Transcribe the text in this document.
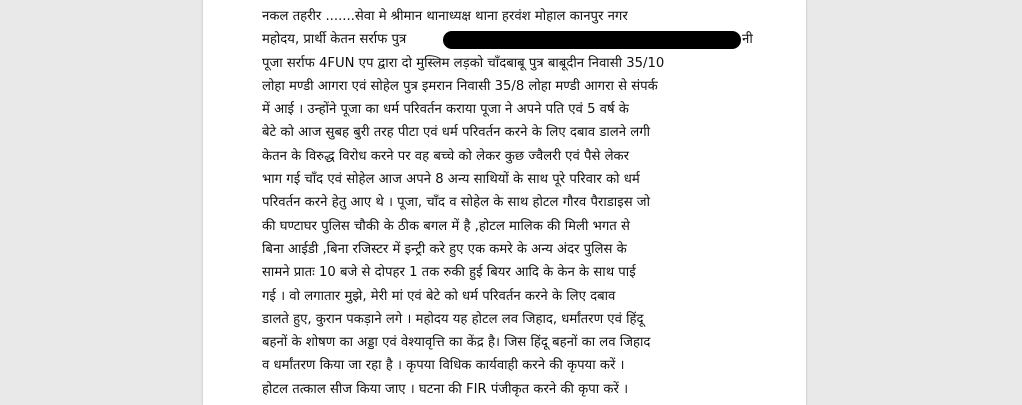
नकल तहरीर .......सेवा मे श्रीमान थानाध्यक्ष थाना हरवंश मोहाल कानपुर नगर
महोदय, प्रार्थी केतन सर्राफ पुत्र	नी
पूजा सर्राफ 4FUN एप द्वारा दो मुस्लिम लड़को चाँदबाबू पुत्र बाबूदीन निवासी 35/10
लोहा मण्डी आगरा एवं सोहेल पुत्र इमरान निवासी 35/8 लोहा मण्डी आगरा से संपर्क
में आई । उन्होंने पूजा का धर्म परिवर्तन कराया पूजा ने अपने पति एवं 5 वर्ष के
बेटे को आज सुबह बुरी तरह पीटा एवं धर्म परिवर्तन करने के लिए दबाव डालने लगी
केतन के विरुद्ध विरोध करने पर वह बच्चे को लेकर कुछ ज्वैलरी एवं पैसे लेकर
भाग गई चाँद एवं सोहेल आज अपने 8 अन्य साथियों के साथ पूरे परिवार को धर्म
परिवर्तन करने हेतु आए थे । पूजा, चाँद व सोहेल के साथ होटल गौरव पैराडाइस जो
की घण्टाघर पुलिस चौकी के ठीक बगल में है ,होटल मालिक की मिली भगत से
बिना आईडी ,बिना रजिस्टर में इन्ट्री करे हुए एक कमरे के अन्य अंदर पुलिस के
सामने प्रातः 10 बजे से दोपहर 1 तक रुकी हुई बियर आदि के केन के साथ पाई
गई । वो लगातार मुझे, मेरी मां एवं बेटे को धर्म परिवर्तन करने के लिए दबाव
डालते हुए, कुरान पकड़ाने लगे । महोदय यह होटल लव जिहाद, धर्मांतरण एवं हिंदू
बहनों के शोषण का अड्डा एवं वेश्यावृत्ति का केंद्र है। जिस हिंदू बहनों का लव जिहाद
व धर्मांतरण किया जा रहा है । कृपया विधिक कार्यवाही करने की कृपया करें ।
होटल तत्काल सीज किया जाए । घटना की FIR पंजीकृत करने की कृपा करें ।
